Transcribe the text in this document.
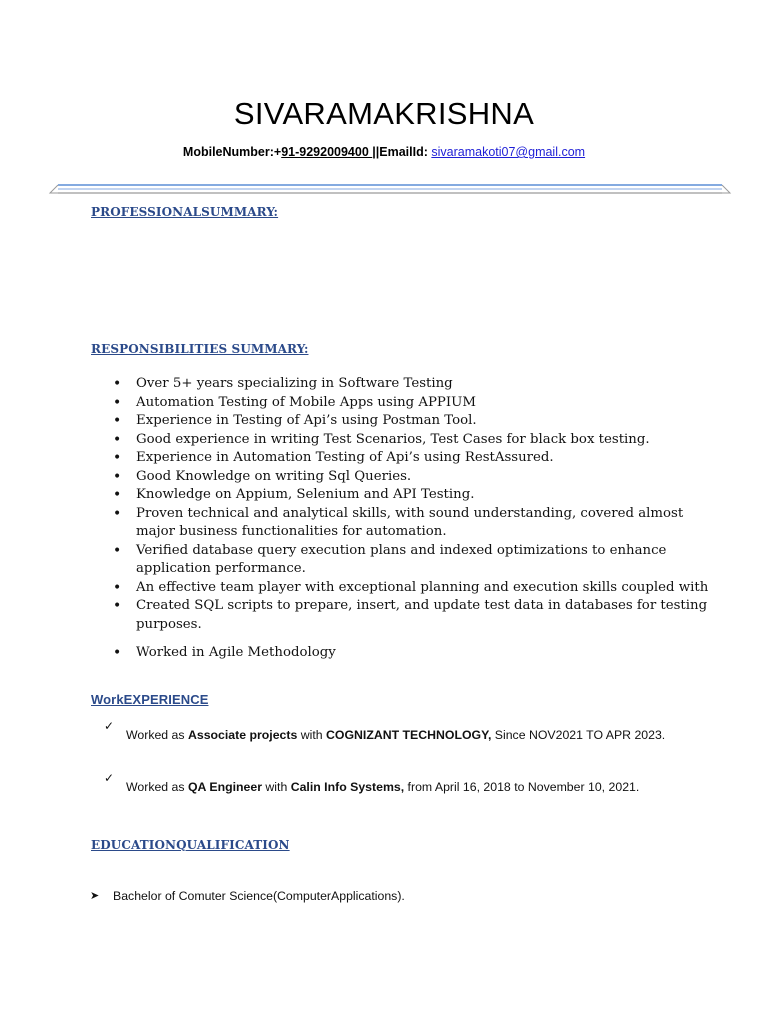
SIVARAMAKRISHNA
MobileNumber:+91-9292009400 ||EmailId: sivaramakoti07@gmail.com
PROFESSIONALSUMMARY:
RESPONSIBILITIES SUMMARY:
• Over 5+ years specializing in Software Testing
• Automation Testing of Mobile Apps using APPIUM
• Experience in Testing of Api’s using Postman Tool.
• Good experience in writing Test Scenarios, Test Cases for black box testing.
• Experience in Automation Testing of Api’s using RestAssured.
• Good Knowledge on writing Sql Queries.
• Knowledge on Appium, Selenium and API Testing.
• Proven technical and analytical skills, with sound understanding, covered almost major business functionalities for automation.
• Verified database query execution plans and indexed optimizations to enhance application performance.
• An effective team player with exceptional planning and execution skills coupled with
• Created SQL scripts to prepare, insert, and update test data in databases for testing purposes.
• Worked in Agile Methodology
WorkEXPERIENCE
✓
Worked as Associate projects with COGNIZANT TECHNOLOGY, Since NOV2021 TO APR 2023.
✓
Worked as QA Engineer with Calin Info Systems, from April 16, 2018 to November 10, 2021.
EDUCATIONQUALIFICATION
➤ Bachelor of Comuter Science(ComputerApplications).
